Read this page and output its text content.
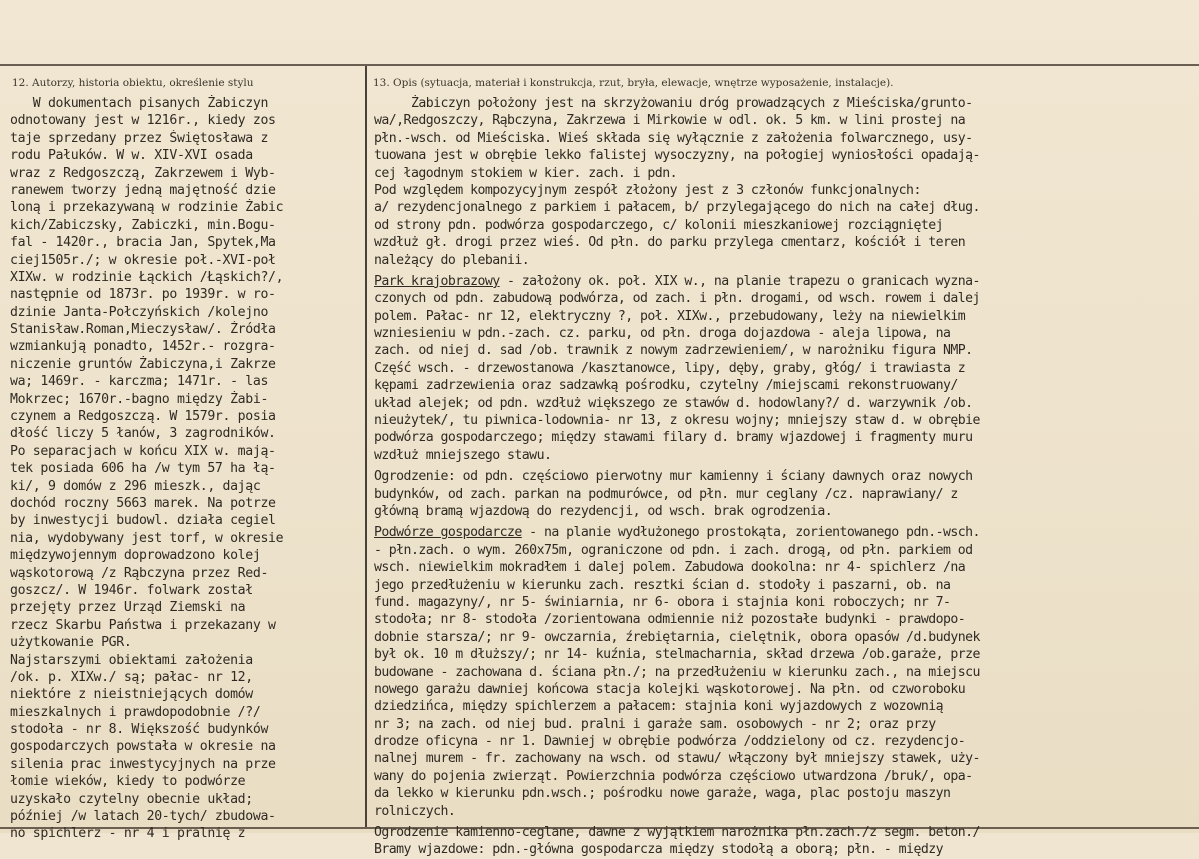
12. Autorzy, historia obiektu, określenie stylu	13. Opis (sytuacja, materiał i konstrukcja, rzut, bryła, elewacje, wnętrze wyposażenie, instalacje).
W dokumentach pisanych Żabiczyn
odnotowany jest w 1216r., kiedy zos
taje sprzedany przez Świętosława z
rodu Pałuków. W w. XIV-XVI osada
wraz z Redgoszczą, Zakrzewem i Wyb-
ranewem tworzy jedną majętność dzie
loną i przekazywaną w rodzinie Żabic
kich/Zabiczsky, Zabiczki, min.Bogu-
fal - 1420r., bracia Jan, Spytek,Ma
ciej1505r./; w okresie poł.-XVI-poł
XIXw. w rodzinie Łąckich /Łąskich?/,
następnie od 1873r. po 1939r. w ro-
dzinie Janta-Połczyńskich /kolejno
Stanisław.Roman,Mieczysław/. Źródła
wzmiankują ponadto, 1452r.- rozgra-
niczenie gruntów Żabiczyna,i Zakrze
wa; 1469r. - karczma; 1471r. - las
Mokrzec; 1670r.-bagno między Żabi-
czynem a Redgoszczą. W 1579r. posia
dłość liczy 5 łanów, 3 zagrodników.
Po separacjach w końcu XIX w. mają-
tek posiada 606 ha /w tym 57 ha łą-
ki/, 9 domów z 296 mieszk., dając
dochód roczny 5663 marek. Na potrze
by inwestycji budowl. działa cegiel
nia, wydobywany jest torf, w okresie
międzywojennym doprowadzono kolej
wąskotorową /z Rąbczyna przez Red-
goszcz/. W 1946r. folwark został
przejęty przez Urząd Ziemski na
rzecz Skarbu Państwa i przekazany w
użytkowanie PGR.
Najstarszymi obiektami założenia
/ok. p. XIXw./ są; pałac- nr 12,
niektóre z nieistniejących domów
mieszkalnych i prawdopodobnie /?/
stodoła - nr 8. Większość budynków
gospodarczych powstała w okresie na
silenia prac inwestycyjnych na prze
łomie wieków, kiedy to podwórze
uzyskało czytelny obecnie układ;
później /w latach 20-tych/ zbudowa-
no spichlerz - nr 4 i pralnię z
Żabiczyn położony jest na skrzyżowaniu dróg prowadzących z Mieściska/grunto-
wa/,Redgoszczy, Rąbczyna, Zakrzewa i Mirkowie w odl. ok. 5 km. w lini prostej na
płn.-wsch. od Mieściska. Wieś składa się wyłącznie z założenia folwarcznego, usy-
tuowana jest w obrębie lekko falistej wysoczyzny, na połogiej wyniosłości opadają-
cej łagodnym stokiem w kier. zach. i pdn.
Pod względem kompozycyjnym zespół złożony jest z 3 członów funkcjonalnych:
a/ rezydencjonalnego z parkiem i pałacem, b/ przylegającego do nich na całej dług.
od strony pdn. podwórza gospodarczego, c/ kolonii mieszkaniowej rozciągniętej
wzdłuż gł. drogi przez wieś. Od płn. do parku przylega cmentarz, kościół i teren
należący do plebanii.
Park krajobrazowy - założony ok. poł. XIX w., na planie trapezu o granicach wyzna-
czonych od pdn. zabudową podwórza, od zach. i płn. drogami, od wsch. rowem i dalej
polem. Pałac- nr 12, elektryczny ?, poł. XIXw., przebudowany, leży na niewielkim
wzniesieniu w pdn.-zach. cz. parku, od płn. droga dojazdowa - aleja lipowa, na
zach. od niej d. sad /ob. trawnik z nowym zadrzewieniem/, w narożniku figura NMP.
Część wsch. - drzewostanowa /kasztanowce, lipy, dęby, graby, głóg/ i trawiasta z
kępami zadrzewienia oraz sadzawką pośrodku, czytelny /miejscami rekonstruowany/
układ alejek; od pdn. wzdłuż większego ze stawów d. hodowlany?/ d. warzywnik /ob.
nieużytek/, tu piwnica-lodownia- nr 13, z okresu wojny; mniejszy staw d. w obrębie
podwórza gospodarczego; między stawami filary d. bramy wjazdowej i fragmenty muru
wzdłuż mniejszego stawu.
Ogrodzenie: od pdn. częściowo pierwotny mur kamienny i ściany dawnych oraz nowych
budynków, od zach. parkan na podmurówce, od płn. mur ceglany /cz. naprawiany/ z
główną bramą wjazdową do rezydencji, od wsch. brak ogrodzenia.
Podwórze gospodarcze - na planie wydłużonego prostokąta, zorientowanego pdn.-wsch.
- płn.zach. o wym. 260x75m, ograniczone od pdn. i zach. drogą, od płn. parkiem od
wsch. niewielkim mokradłem i dalej polem. Zabudowa dookolna: nr 4- spichlerz /na
jego przedłużeniu w kierunku zach. resztki ścian d. stodoły i paszarni, ob. na
fund. magazyny/, nr 5- świniarnia, nr 6- obora i stajnia koni roboczych; nr 7-
stodoła; nr 8- stodoła /zorientowana odmiennie niż pozostałe budynki - prawdopo-
dobnie starsza/; nr 9- owczarnia, źrebiętarnia, cielętnik, obora opasów /d.budynek
był ok. 10 m dłuższy/; nr 14- kuźnia, stelmacharnia, skład drzewa /ob.garaże, prze
budowane - zachowana d. ściana płn./; na przedłużeniu w kierunku zach., na miejscu
nowego garażu dawniej końcowa stacja kolejki wąskotorowej. Na płn. od czworoboku
dziedzińca, między spichlerzem a pałacem: stajnia koni wyjazdowych z wozownią
nr 3; na zach. od niej bud. pralni i garaże sam. osobowych - nr 2; oraz przy
drodze oficyna - nr 1. Dawniej w obrębie podwórza /oddzielony od cz. rezydencjo-
nalnej murem - fr. zachowany na wsch. od stawu/ włączony był mniejszy stawek, uży-
wany do pojenia zwierząt. Powierzchnia podwórza częściowo utwardzona /bruk/, opa-
da lekko w kierunku pdn.wsch.; pośrodku nowe garaże, waga, plac postoju maszyn
rolniczych.
Ogrodzenie kamienno-ceglane, dawne z wyjątkiem narożnika płn.zach./z segm. beton./
Bramy wjazdowe: pdn.-główna gospodarcza między stodołą a oborą; płn. - między
